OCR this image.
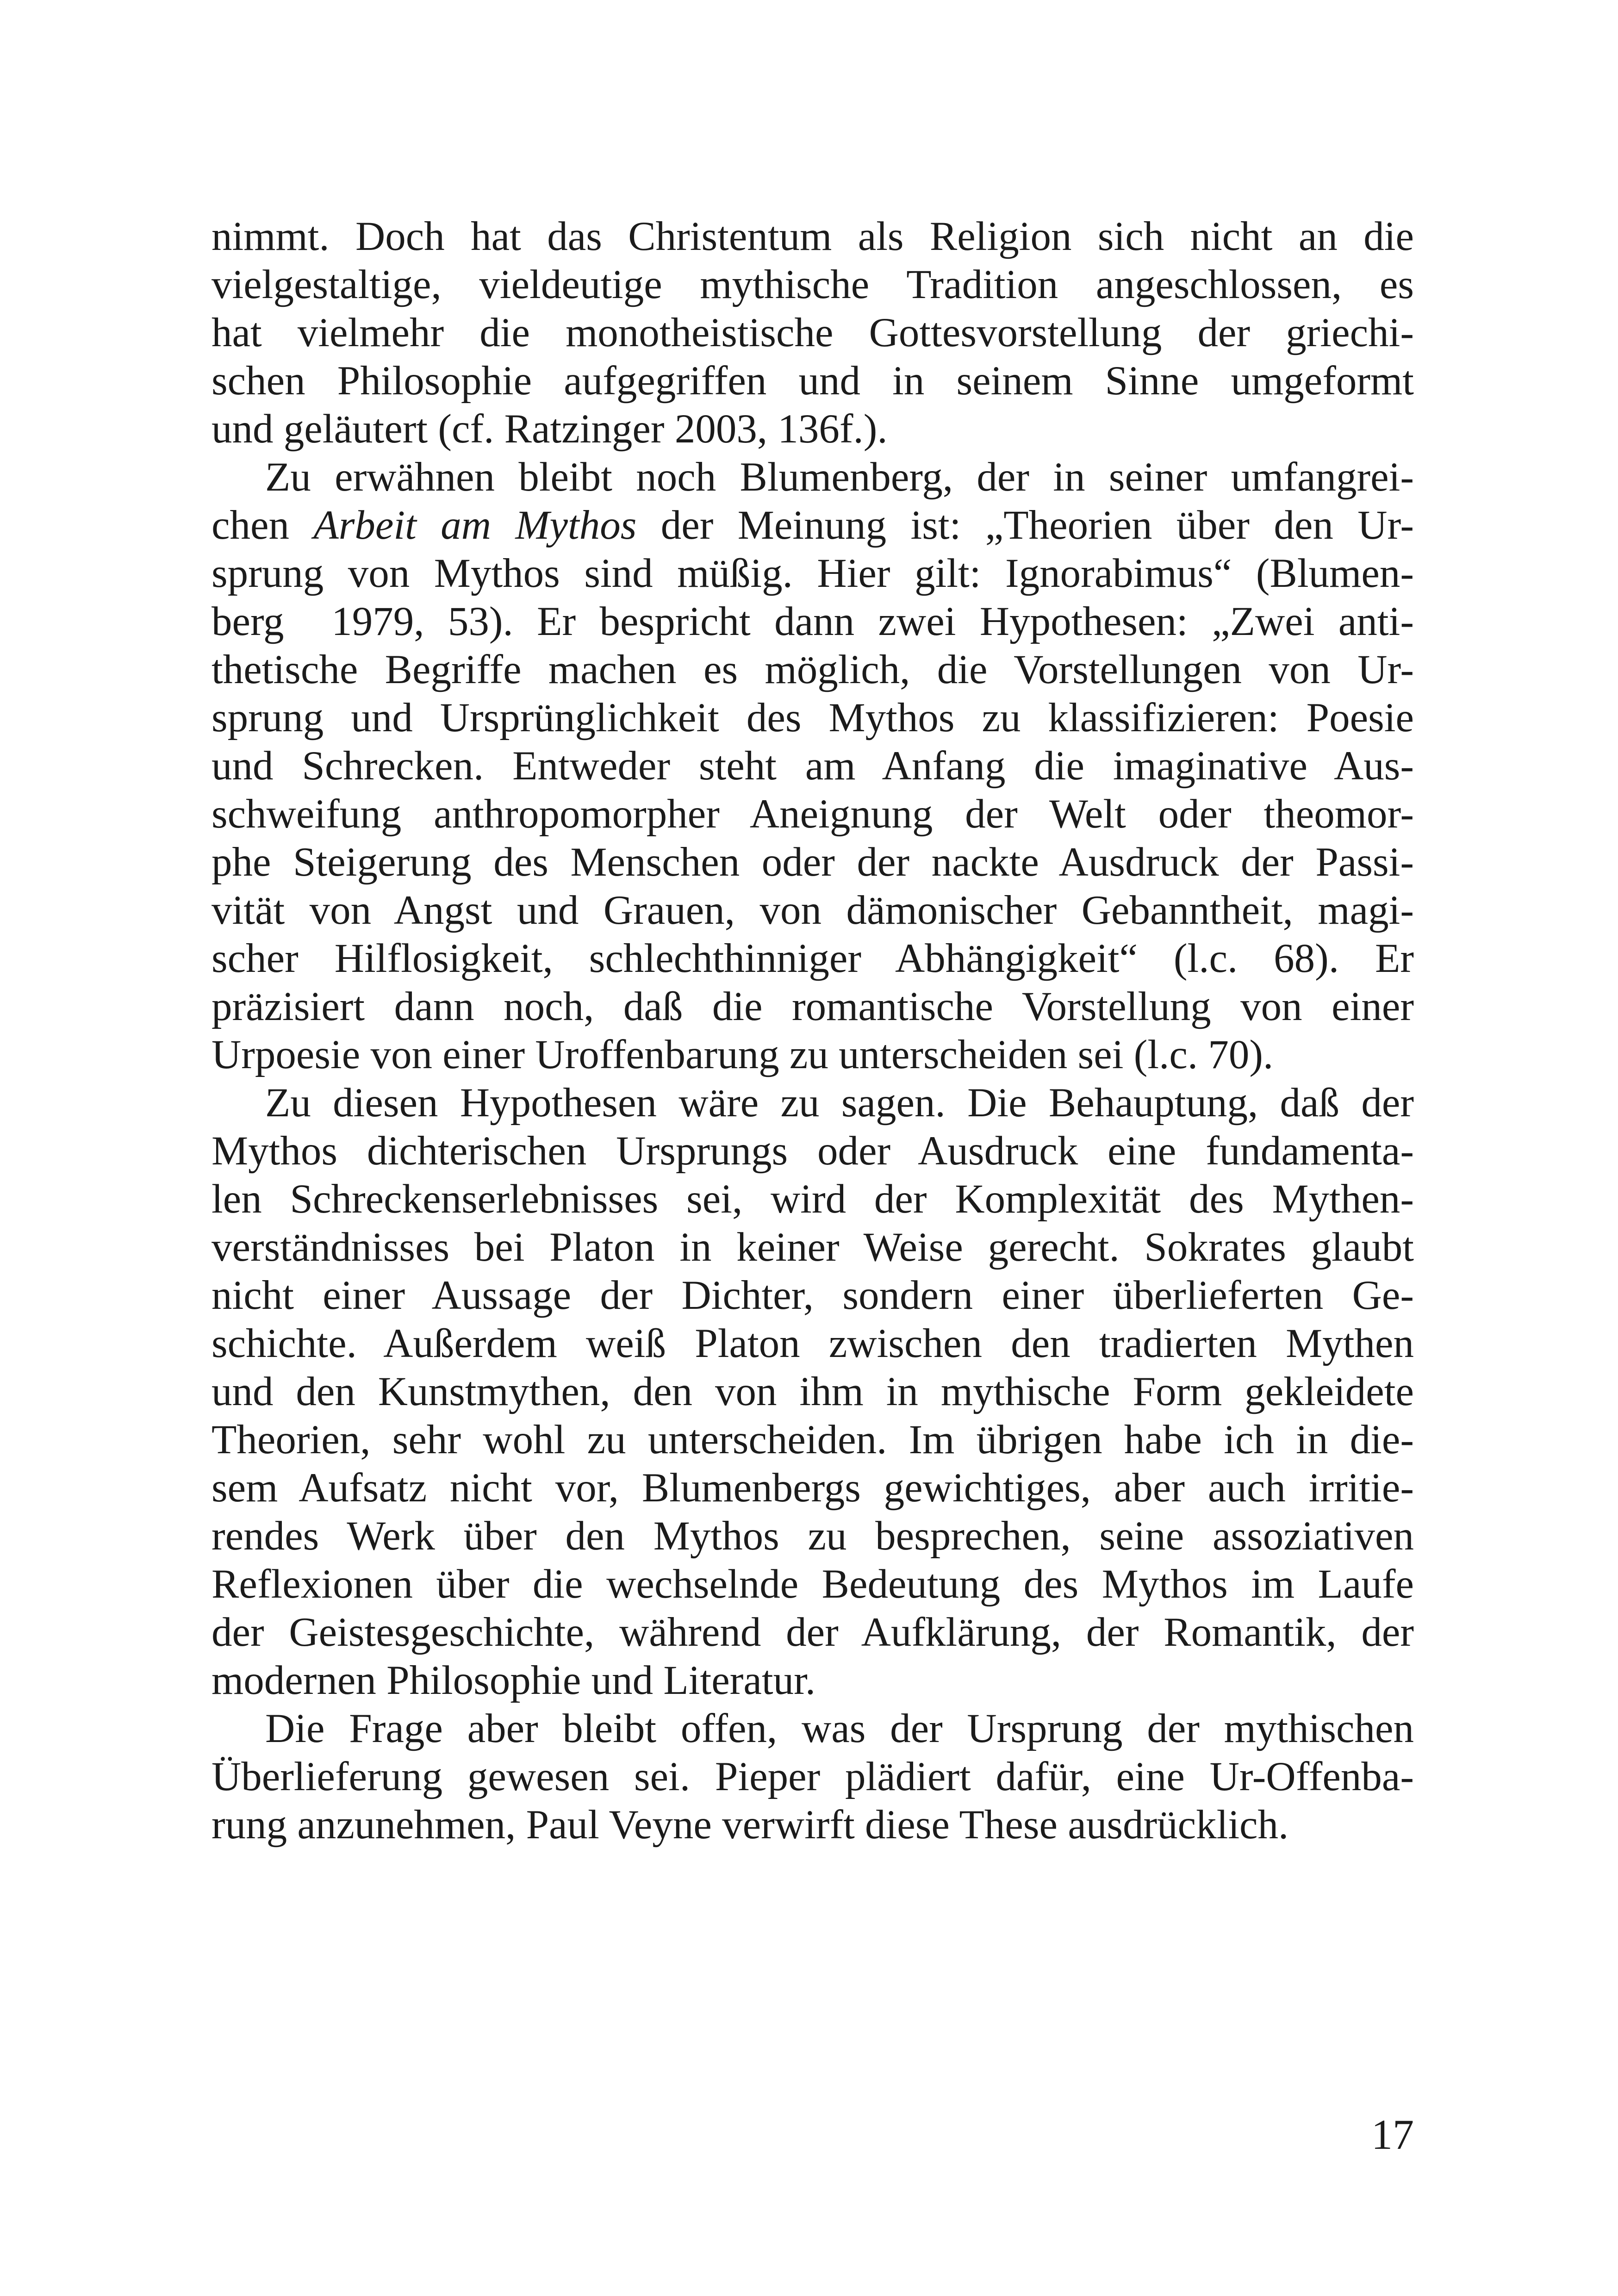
nimmt. Doch hat das Christentum als Religion sich nicht an die
vielgestaltige, vieldeutige mythische Tradition angeschlossen, es
hat vielmehr die monotheistische Gottesvorstellung der griechi-
schen Philosophie aufgegriffen und in seinem Sinne umgeformt
und geläutert (cf. Ratzinger 2003, 136f.).
Zu erwähnen bleibt noch Blumenberg, der in seiner umfangrei-
chen Arbeit am Mythos der Meinung ist: „Theorien über den Ur-
sprung von Mythos sind müßig. Hier gilt: Ignorabimus“ (Blumen-
berg  1979, 53). Er bespricht dann zwei Hypothesen: „Zwei anti-
thetische Begriffe machen es möglich, die Vorstellungen von Ur-
sprung und Ursprünglichkeit des Mythos zu klassifizieren: Poesie
und Schrecken. Entweder steht am Anfang die imaginative Aus-
schweifung anthropomorpher Aneignung der Welt oder theomor-
phe Steigerung des Menschen oder der nackte Ausdruck der Passi-
vität von Angst und Grauen, von dämonischer Gebanntheit, magi-
scher Hilflosigkeit, schlechthinniger Abhängigkeit“ (l.c. 68). Er
präzisiert dann noch, daß die romantische Vorstellung von einer
Urpoesie von einer Uroffenbarung zu unterscheiden sei (l.c. 70).
Zu diesen Hypothesen wäre zu sagen. Die Behauptung, daß der
Mythos dichterischen Ursprungs oder Ausdruck eine fundamenta-
len Schreckenserlebnisses sei, wird der Komplexität des Mythen-
verständnisses bei Platon in keiner Weise gerecht. Sokrates glaubt
nicht einer Aussage der Dichter, sondern einer überlieferten Ge-
schichte. Außerdem weiß Platon zwischen den tradierten Mythen
und den Kunstmythen, den von ihm in mythische Form gekleidete
Theorien, sehr wohl zu unterscheiden. Im übrigen habe ich in die-
sem Aufsatz nicht vor, Blumenbergs gewichtiges, aber auch irritie-
rendes Werk über den Mythos zu besprechen, seine assoziativen
Reflexionen über die wechselnde Bedeutung des Mythos im Laufe
der Geistesgeschichte, während der Aufklärung, der Romantik, der
modernen Philosophie und Literatur.
Die Frage aber bleibt offen, was der Ursprung der mythischen
Überlieferung gewesen sei. Pieper plädiert dafür, eine Ur-Offenba-
rung anzunehmen, Paul Veyne verwirft diese These ausdrücklich.
17
